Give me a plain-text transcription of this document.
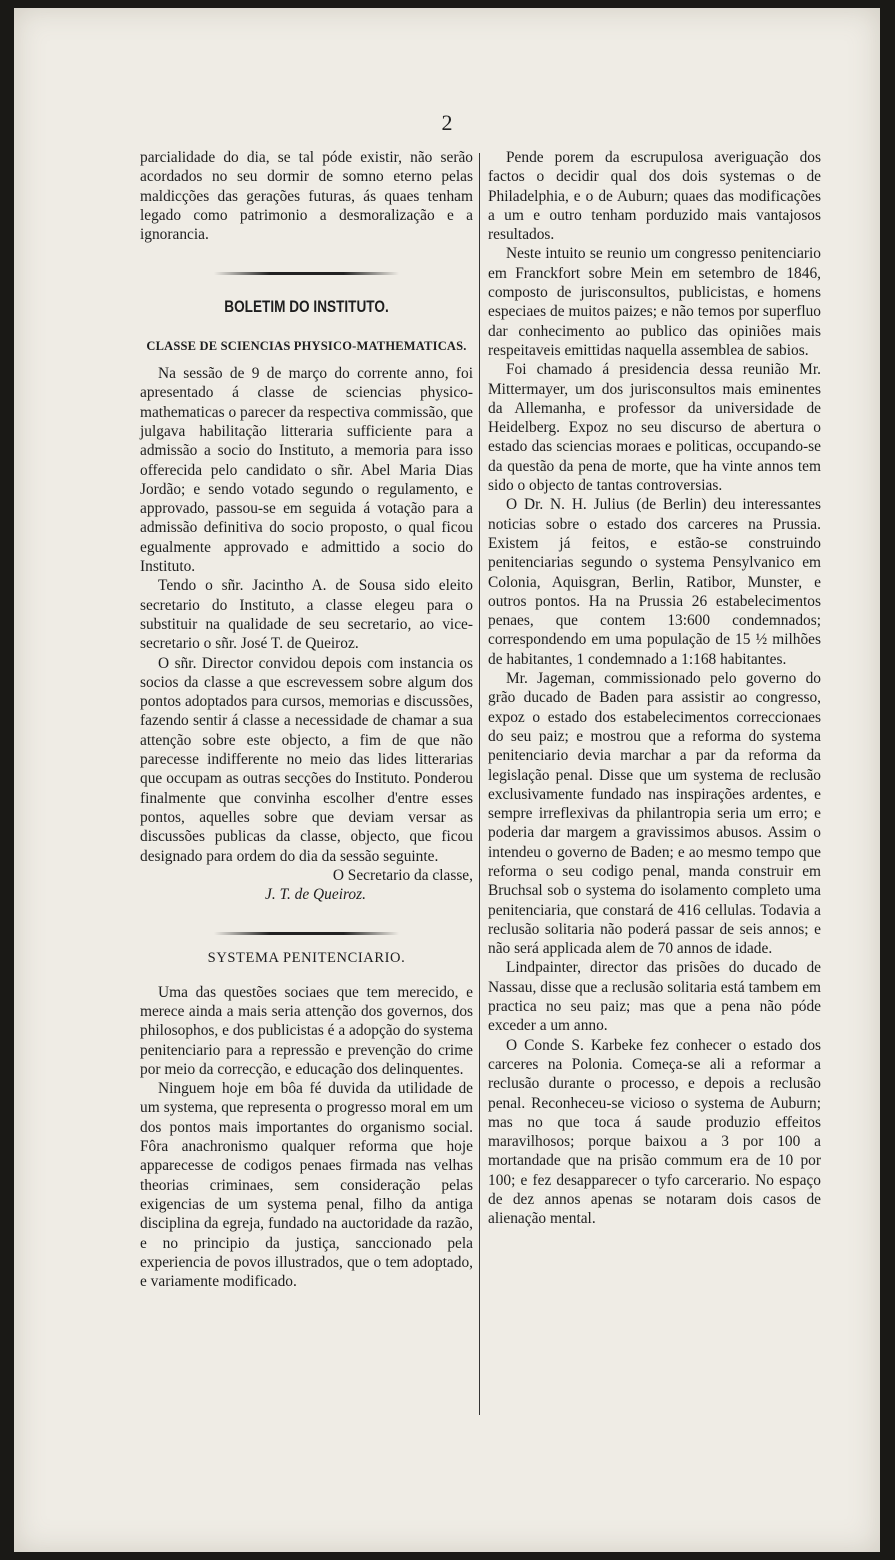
2

parcialidade do dia, se tal póde existir, não serão acordados no seu dormir de somno eterno pelas maldicções das gerações futuras, ás quaes tenham legado como patrimonio a desmoralização e a ignorancia.

BOLETIM DO INSTITUTO.
CLASSE DE SCIENCIAS PHYSICO-MATHEMATICAS.

Na sessão de 9 de março do corrente anno, foi apresentado á classe de sciencias physico-mathematicas o parecer da respectiva commissão, que julgava habilitação litteraria sufficiente para a admissão a socio do Instituto, a memoria para isso offerecida pelo candidato o sñr. Abel Maria Dias Jordão; e sendo votado segundo o regulamento, e approvado, passou-se em seguida á votação para a admissão definitiva do socio proposto, o qual ficou egualmente approvado e admittido a socio do Instituto.

Tendo o sñr. Jacintho A. de Sousa sido eleito secretario do Instituto, a classe elegeu para o substituir na qualidade de seu secretario, ao vice-secretario o sñr. José T. de Queiroz.

O sñr. Director convidou depois com instancia os socios da classe a que escrevessem sobre algum dos pontos adoptados para cursos, memorias e discussões, fazendo sentir á classe a necessidade de chamar a sua attenção sobre este objecto, a fim de que não parecesse indifferente no meio das lides litterarias que occupam as outras secções do Instituto. Ponderou finalmente que convinha escolher d'entre esses pontos, aquelles sobre que deviam versar as discussões publicas da classe, objecto, que ficou designado para ordem do dia da sessão seguinte.

O Secretario da classe,

J. T. de Queiroz.

SYSTEMA PENITENCIARIO.

Uma das questões sociaes que tem merecido, e merece ainda a mais seria attenção dos governos, dos philosophos, e dos publicistas é a adopção do systema penitenciario para a repressão e prevenção do crime por meio da correcção, e educação dos delinquentes.

Ninguem hoje em bôa fé duvida da utilidade de um systema, que representa o progresso moral em um dos pontos mais importantes do organismo social. Fôra anachronismo qualquer reforma que hoje apparecesse de codigos penaes firmada nas velhas theorias criminaes, sem consideração pelas exigencias de um systema penal, filho da antiga disciplina da egreja, fundado na auctoridade da razão, e no principio da justiça, sanccionado pela experiencia de povos illustrados, que o tem adoptado, e variamente modificado.

Pende porem da escrupulosa averiguação dos factos o decidir qual dos dois systemas o de Philadelphia, e o de Auburn; quaes das modificações a um e outro tenham porduzido mais vantajosos resultados.

Neste intuito se reunio um congresso penitenciario em Franckfort sobre Mein em setembro de 1846, composto de jurisconsultos, publicistas, e homens especiaes de muitos paizes; e não temos por superfluo dar conhecimento ao publico das opiniões mais respeitaveis emittidas naquella assemblea de sabios.

Foi chamado á presidencia dessa reunião Mr. Mittermayer, um dos jurisconsultos mais eminentes da Allemanha, e professor da universidade de Heidelberg. Expoz no seu discurso de abertura o estado das sciencias moraes e politicas, occupando-se da questão da pena de morte, que ha vinte annos tem sido o objecto de tantas controversias.

O Dr. N. H. Julius (de Berlin) deu interessantes noticias sobre o estado dos carceres na Prussia. Existem já feitos, e estão-se construindo penitenciarias segundo o systema Pensylvanico em Colonia, Aquisgran, Berlin, Ratibor, Munster, e outros pontos. Ha na Prussia 26 estabelecimentos penaes, que contem 13:600 condemnados; correspondendo em uma população de 15 ½ milhões de habitantes, 1 condemnado a 1:168 habitantes.

Mr. Jageman, commissionado pelo governo do grão ducado de Baden para assistir ao congresso, expoz o estado dos estabelecimentos correccionaes do seu paiz; e mostrou que a reforma do systema penitenciario devia marchar a par da reforma da legislação penal. Disse que um systema de reclusão exclusivamente fundado nas inspirações ardentes, e sempre irreflexivas da philantropia seria um erro; e poderia dar margem a gravissimos abusos. Assim o intendeu o governo de Baden; e ao mesmo tempo que reforma o seu codigo penal, manda construir em Bruchsal sob o systema do isolamento completo uma penitenciaria, que constará de 416 cellulas. Todavia a reclusão solitaria não poderá passar de seis annos; e não será applicada alem de 70 annos de idade.

Lindpainter, director das prisões do ducado de Nassau, disse que a reclusão solitaria está tambem em practica no seu paiz; mas que a pena não póde exceder a um anno.

O Conde S. Karbeke fez conhecer o estado dos carceres na Polonia. Começa-se ali a reformar a reclusão durante o processo, e depois a reclusão penal. Reconheceu-se vicioso o systema de Auburn; mas no que toca á saude produzio effeitos maravilhosos; porque baixou a 3 por 100 a mortandade que na prisão commum era de 10 por 100; e fez desapparecer o tyfo carcerario. No espaço de dez annos apenas se notaram dois casos de alienação mental.
